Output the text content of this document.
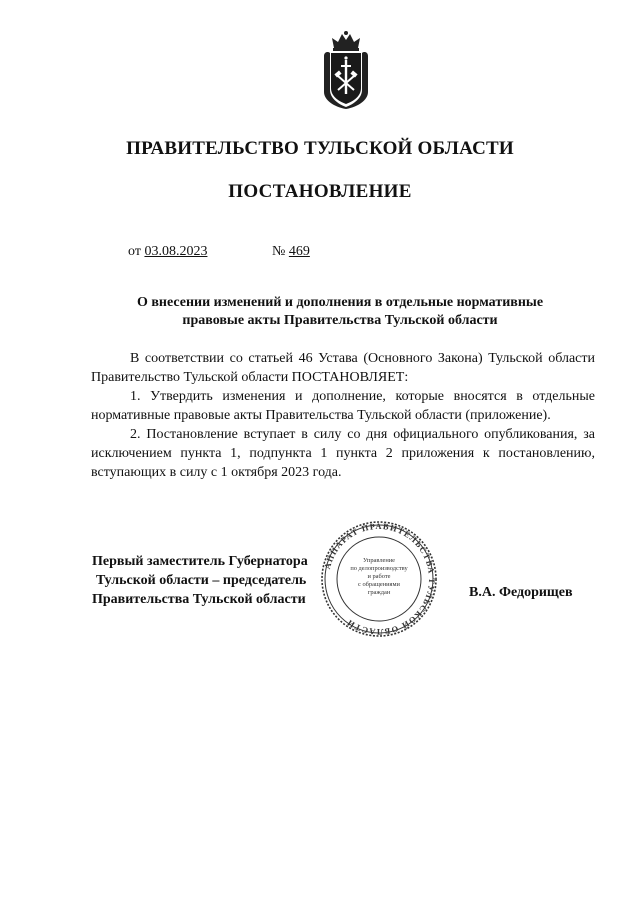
ПРАВИТЕЛЬСТВО ТУЛЬСКОЙ ОБЛАСТИ
ПОСТАНОВЛЕНИЕ
от 03.08.2023	№ 469
О внесении изменений и дополнения в отдельные нормативные
правовые акты Правительства Тульской области

В соответствии со статьей 46 Устава (Основного Закона) Тульской области Правительство Тульской области ПОСТАНОВЛЯЕТ:

1. Утвердить изменения и дополнение, которые вносятся в отдельные нормативные правовые акты Правительства Тульской области (приложение).

2. Постановление вступает в силу со дня официального опубликования, за исключением пункта 1, подпункта 1 пункта 2 приложения к постановлению, вступающих в силу с 1 октября 2023 года.

Первый заместитель Губернатора
Тульской области – председатель
Правительства Тульской области	В.А. Федорищев
АППАРАТ ПРАВИТЕЛЬСТВА ТУЛЬСКОЙ ОБЛАСТИ
Управление
по делопроизводству
и работе
с обращениями
граждан
